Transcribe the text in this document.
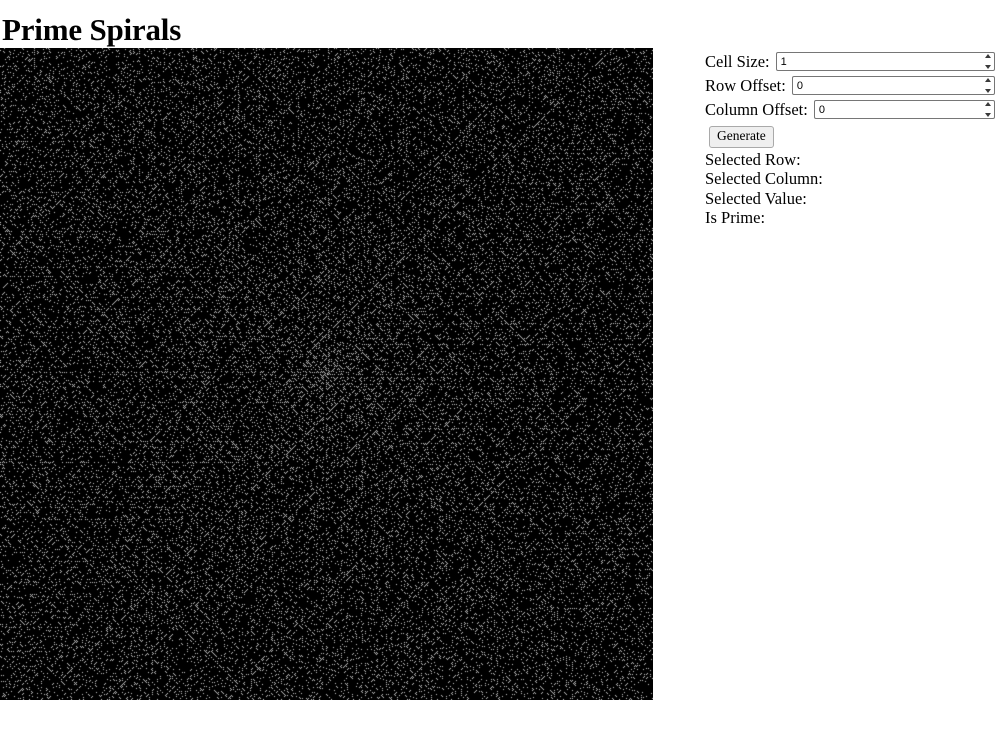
Prime Spirals
Cell Size:
1
Row Offset:
0
Column Offset:
0
Generate
Selected Row:
Selected Column:
Selected Value:
Is Prime:
